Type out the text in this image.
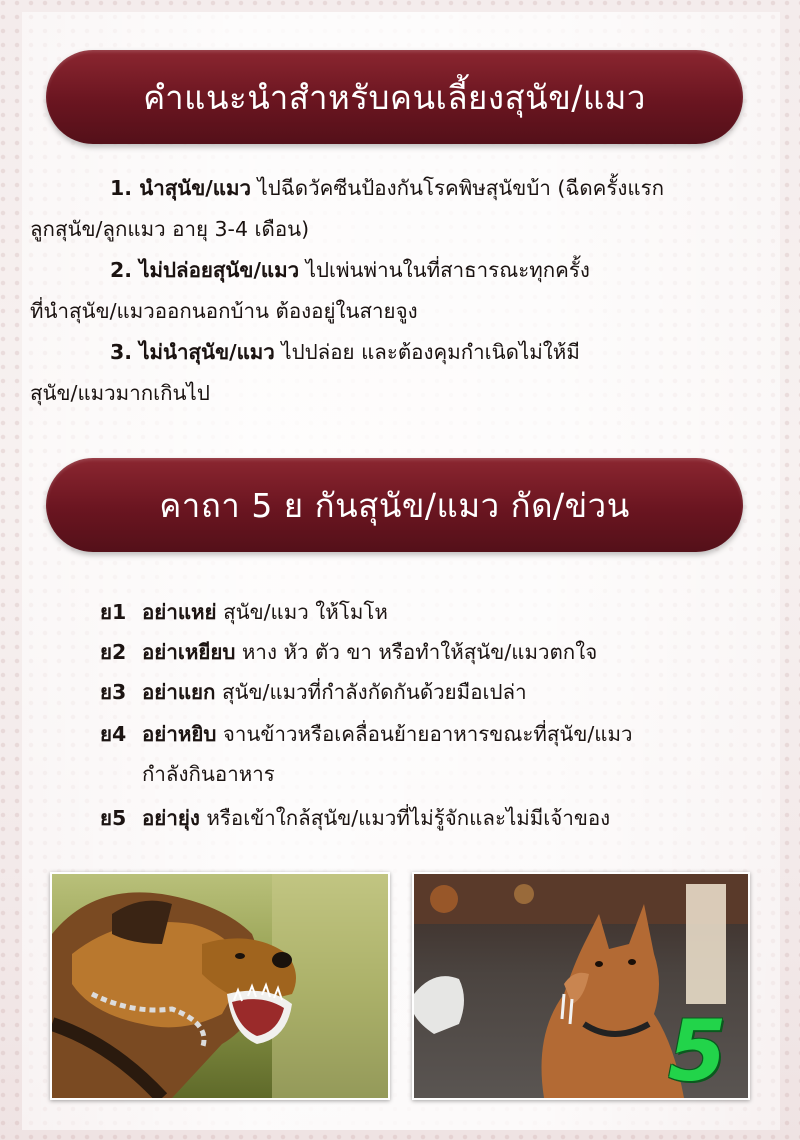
คำแนะนำสำหรับคนเลี้ยงสุนัข/แมว

1. นำสุนัข/แมว ไปฉีดวัคซีนป้องกันโรคพิษสุนัขบ้า (ฉีดครั้งแรก

ลูกสุนัข/ลูกแมว อายุ 3-4 เดือน)

2. ไม่ปล่อยสุนัข/แมว ไปเพ่นพ่านในที่สาธารณะทุกครั้ง

ที่นำสุนัข/แมวออกนอกบ้าน ต้องอยู่ในสายจูง

3. ไม่นำสุนัข/แมว ไปปล่อย และต้องคุมกำเนิดไม่ให้มี

สุนัข/แมวมากเกินไป

คาถา 5 ย กันสุนัข/แมว กัด/ข่วน
ย1 อย่าแหย่ สุนัข/แมว ให้โมโห
ย2 อย่าเหยียบ หาง หัว ตัว ขา หรือทำให้สุนัข/แมวตกใจ
ย3 อย่าแยก สุนัข/แมวที่กำลังกัดกันด้วยมือเปล่า
ย4 อย่าหยิบ จานข้าวหรือเคลื่อนย้ายอาหารขณะที่สุนัข/แมว
กำลังกินอาหาร
ย5 อย่ายุ่ง หรือเข้าใกล้สุนัข/แมวที่ไม่รู้จักและไม่มีเจ้าของ
5
